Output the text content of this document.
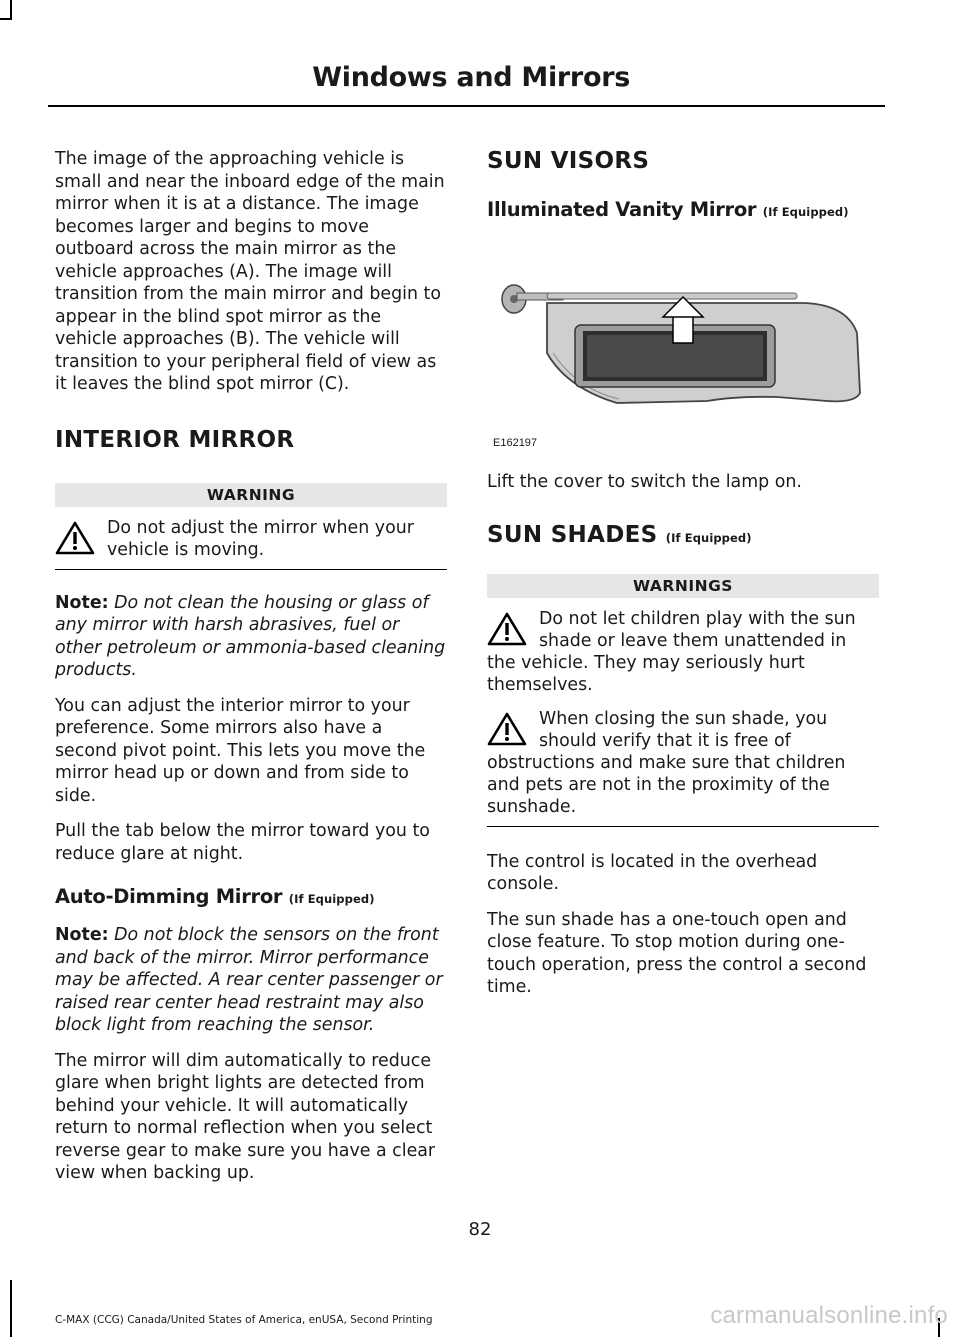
Windows and Mirrors

The image of the approaching vehicle is small and near the inboard edge of the main mirror when it is at a distance. The image becomes larger and begins to move outboard across the main mirror as the vehicle approaches (A). The image will transition from the main mirror and begin to appear in the blind spot mirror as the vehicle approaches (B). The vehicle will transition to your peripheral field of view as it leaves the blind spot mirror (C).

INTERIOR MIRROR
WARNING
Do not adjust the mirror when your vehicle is moving.

Note: Do not clean the housing or glass of any mirror with harsh abrasives, fuel or other petroleum or ammonia-based cleaning products.

You can adjust the interior mirror to your preference. Some mirrors also have a second pivot point. This lets you move the mirror head up or down and from side to side.

Pull the tab below the mirror toward you to reduce glare at night.

Auto-Dimming Mirror (If Equipped)

Note: Do not block the sensors on the front and back of the mirror. Mirror performance may be affected. A rear center passenger or raised rear center head restraint may also block light from reaching the sensor.

The mirror will dim automatically to reduce glare when bright lights are detected from behind your vehicle. It will automatically return to normal reflection when you select reverse gear to make sure you have a clear view when backing up.

SUN VISORS
Illuminated Vanity Mirror (If Equipped)
E162197

Lift the cover to switch the lamp on.

SUN SHADES (If Equipped)
WARNINGS
Do not let children play with the sun shade or leave them unattended in the vehicle. They may seriously hurt themselves.
When closing the sun shade, you should verify that it is free of obstructions and make sure that children and pets are not in the proximity of the sunshade.

The control is located in the overhead console.

The sun shade has a one-touch open and close feature. To stop motion during one-touch operation, press the control a second time.

82
C-MAX (CCG) Canada/United States of America, enUSA, Second Printing	carmanualsonline.info
